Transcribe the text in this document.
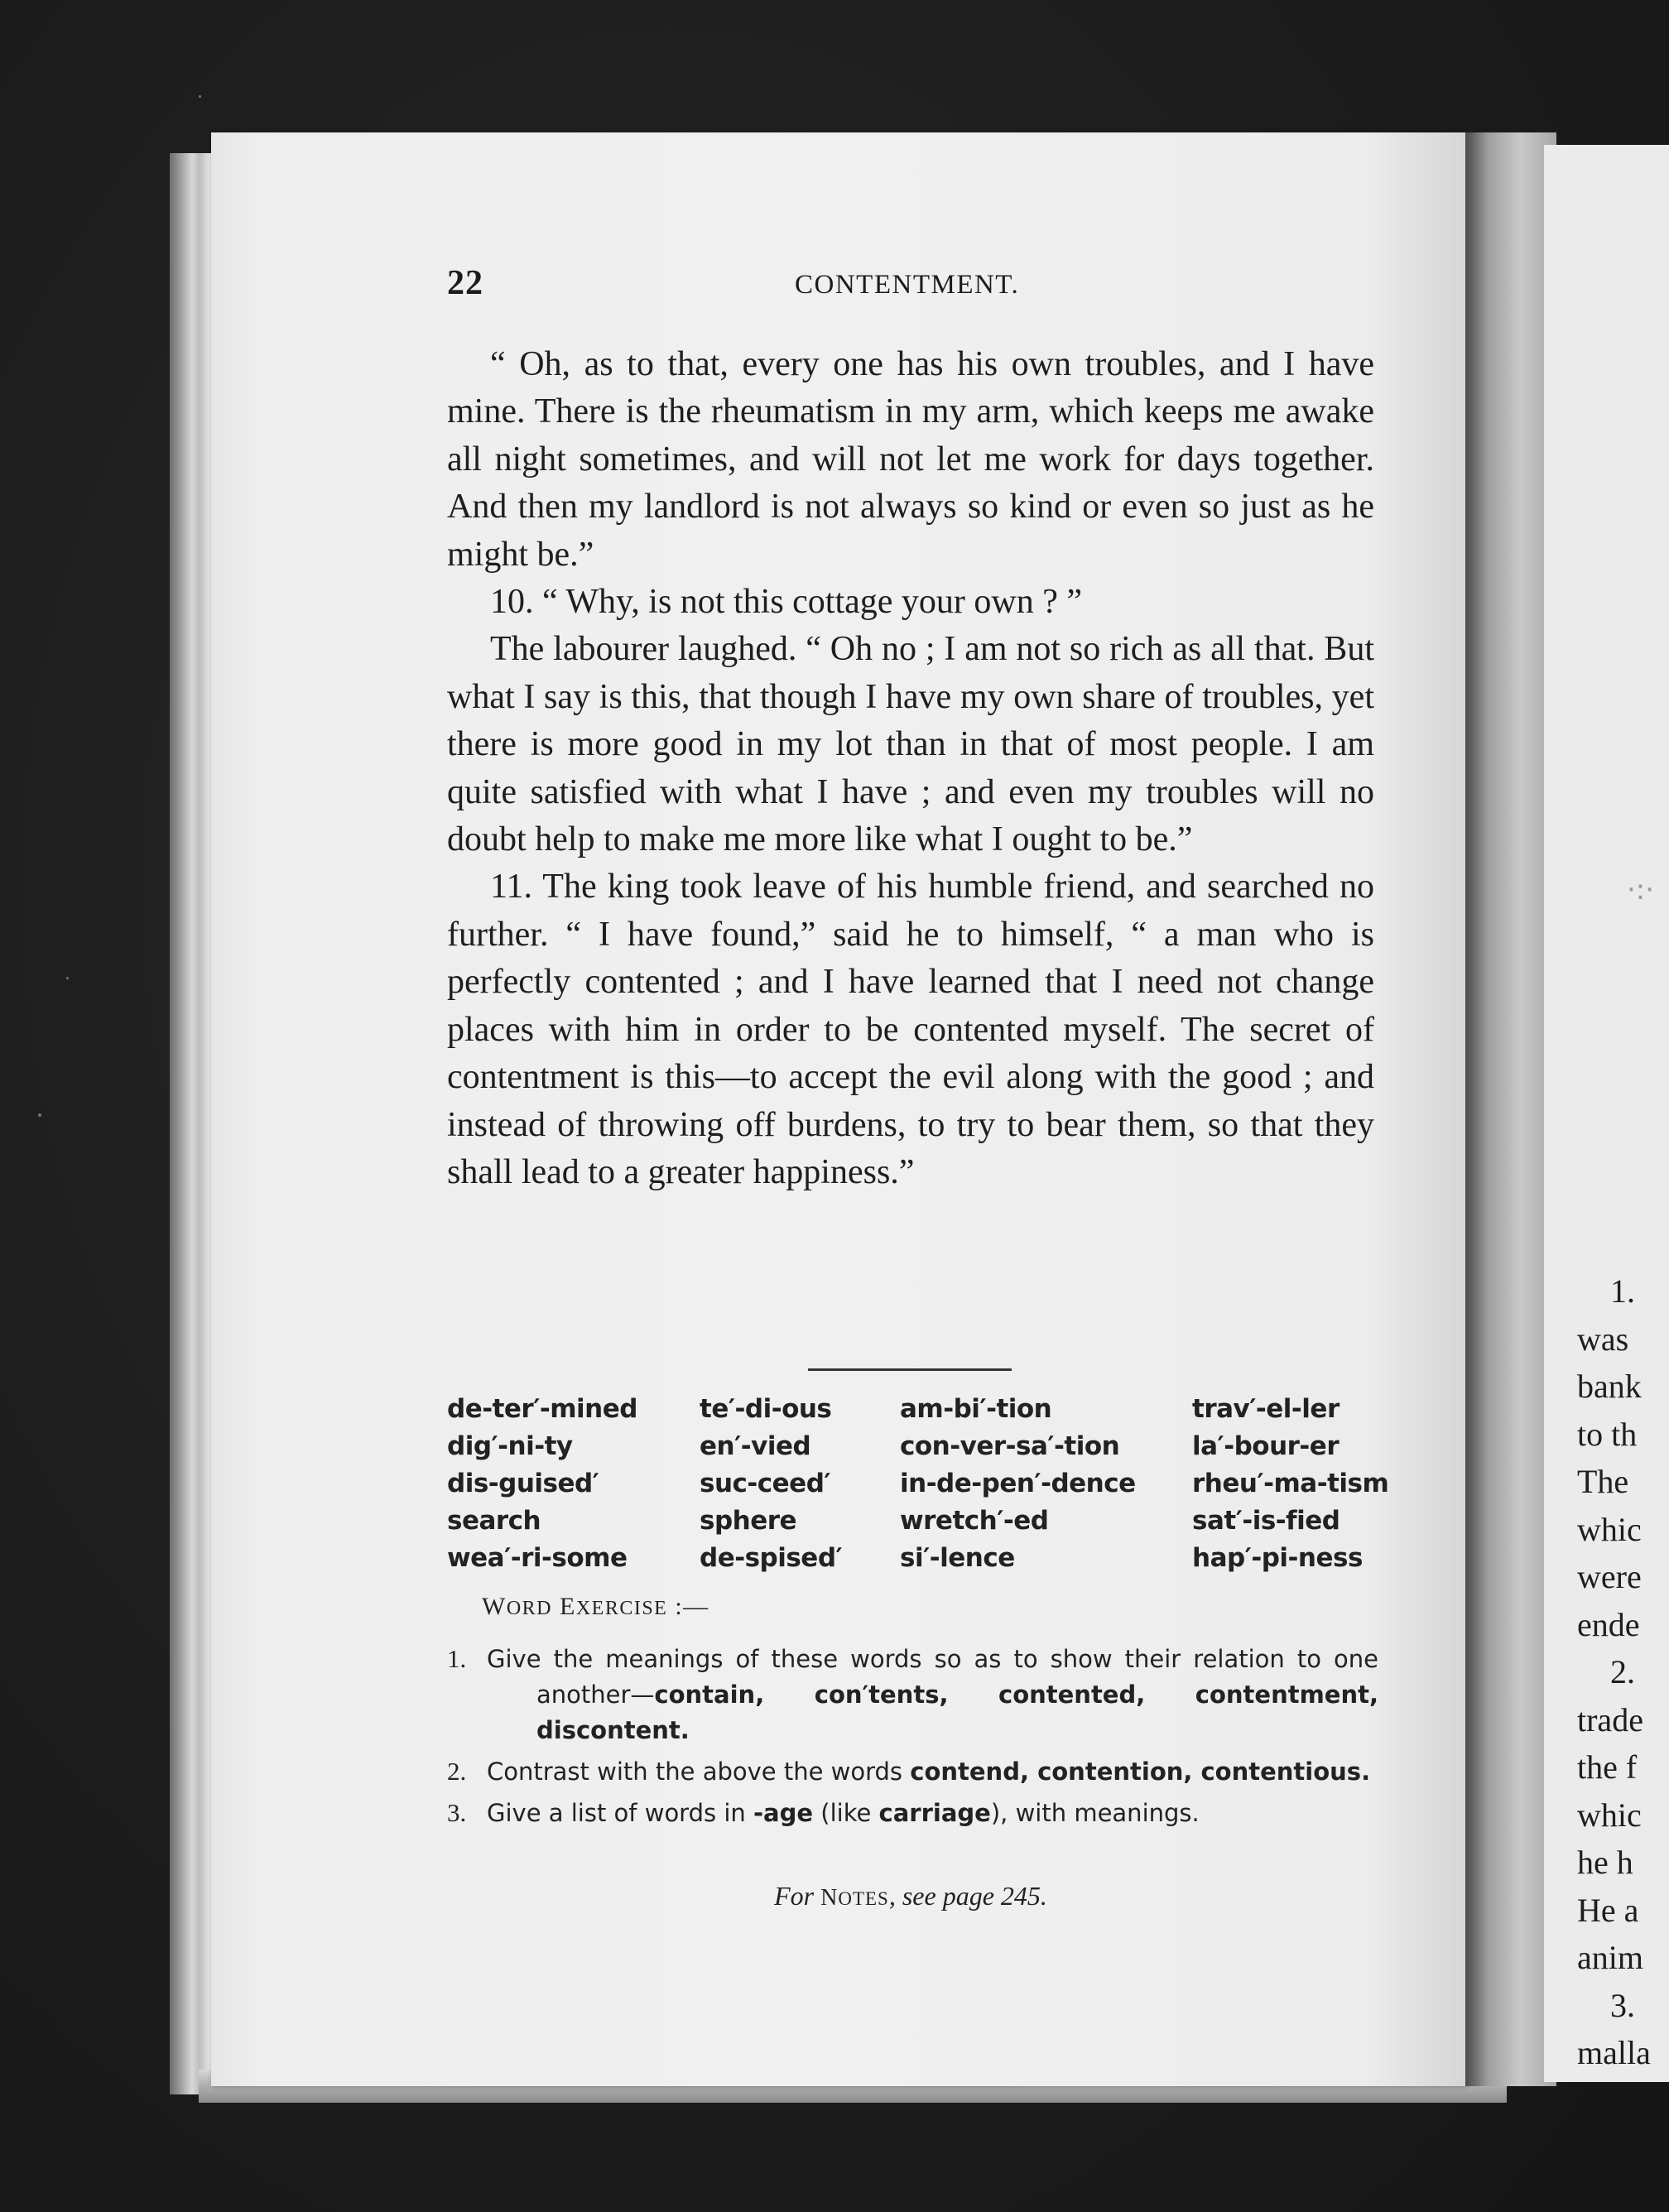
·:·
1.
was
bank
to th
The
whic
were
ende
2.
trade
the f
whic
he h
He a
anim
3.
malla
22	CONTENTMENT.

“ Oh, as to that, every one has his own troubles, and I have mine. There is the rheumatism in my arm, which keeps me awake all night sometimes, and will not let me work for days together. And then my landlord is not always so kind or even so just as he might be.”

10. “ Why, is not this cottage your own ? ”

The labourer laughed. “ Oh no ; I am not so rich as all that. But what I say is this, that though I have my own share of troubles, yet there is more good in my lot than in that of most people. I am quite satisfied with what I have ; and even my troubles will no doubt help to make me more like what I ought to be.”

11. The king took leave of his humble friend, and searched no further. “ I have found,” said he to himself, “ a man who is perfectly contented ; and I have learned that I need not change places with him in order to be contented myself. The secret of contentment is this—to accept the evil along with the good ; and instead of throwing off burdens, to try to bear them, so that they shall lead to a greater happiness.”

de-ter′-mined
dig′-ni-ty
dis-guised′
search
wea′-ri-some
te′-di-ous
en′-vied
suc-ceed′
sphere
de-spised′
am-bi′-tion
con-ver-sa′-tion
in-de-pen′-dence
wretch′-ed
si′-lence
trav′-el-ler
la′-bour-er
rheu′-ma-tism
sat′-is-fied
hap′-pi-ness
WORD EXERCISE :—
1. Give the meanings of these words so as to show their relation to one another—contain, con′tents, contented, contentment, discontent.
2. Contrast with the above the words contend, contention, contentious.
3. Give a list of words in -age (like carriage), with meanings.
For NOTES, see page 245.
